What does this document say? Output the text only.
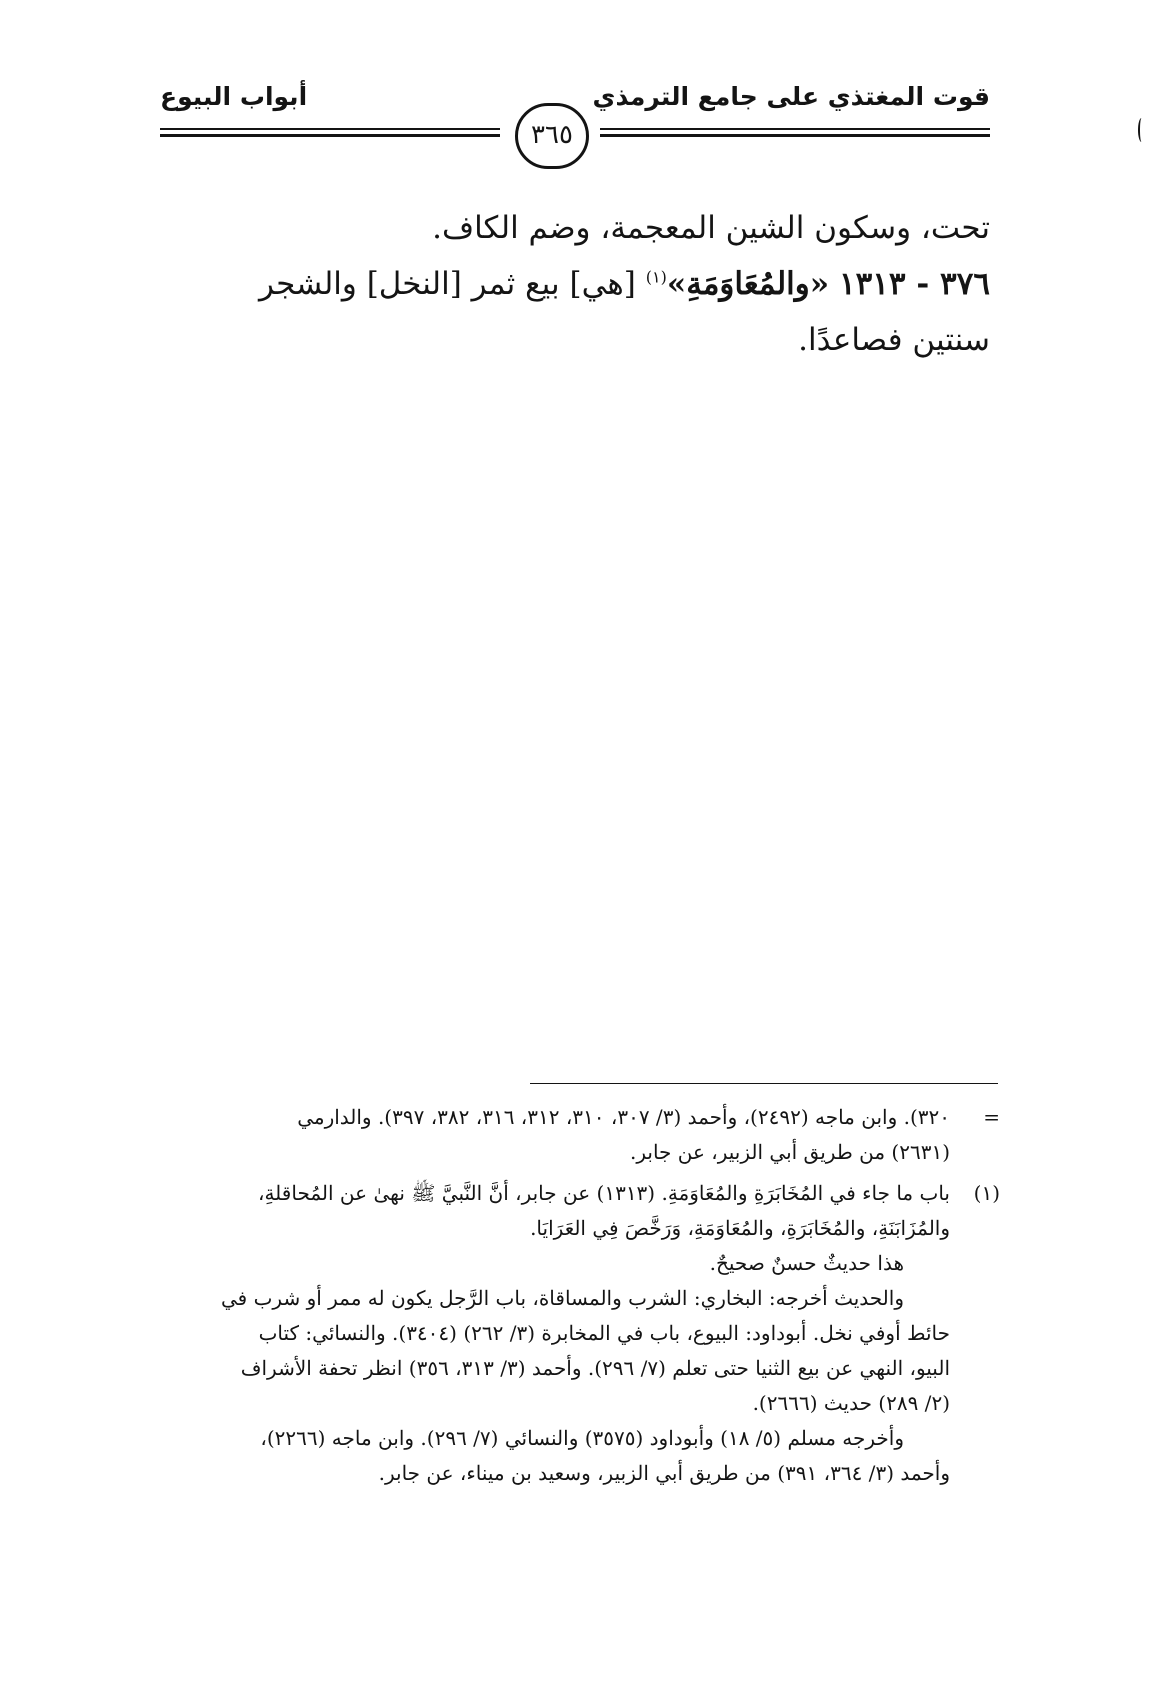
قوت المغتذي على جامع الترمذي
أبواب البيوع
٣٦٥

تحت، وسكون الشين المعجمة، وضم الكاف.

٣٧٦ - ١٣١٣ «والمُعَاوَمَةِ»$^{(١)}$ [هي] بيع ثمر [النخل] والشجر

سنتين فصاعدًا.

=

٣٢٠). وابن ماجه (٢٤٩٢)، وأحمد (٣/ ٣٠٧، ٣١٠، ٣١٢، ٣١٦، ٣٨٢، ٣٩٧). والدارمي

(٢٦٣١) من طريق أبي الزبير، عن جابر.

(١)

باب ما جاء في المُخَابَرَةِ والمُعَاوَمَةِ. (١٣١٣) عن جابر، أنَّ النَّبيَّ ﷺ نهىٰ عن المُحاقلةِ،

والمُزَابَنَةِ، والمُخَابَرَةِ، والمُعَاوَمَةِ، وَرَخَّصَ فِي العَرَايَا.

هذا حديثٌ حسنٌ صحيحٌ.

والحديث أخرجه: البخاري: الشرب والمساقاة، باب الرَّجل يكون له ممر أو شرب في

حائط أوفي نخل. أبوداود: البيوع، باب في المخابرة (٣/ ٢٦٢) (٣٤٠٤). والنسائي: كتاب

البيو، النهي عن بيع الثنيا حتى تعلم (٧/ ٢٩٦). وأحمد (٣/ ٣١٣، ٣٥٦) انظر تحفة الأشراف

(٢/ ٢٨٩) حديث (٢٦٦٦).

وأخرجه مسلم (٥/ ١٨) وأبوداود (٣٥٧٥) والنسائي (٧/ ٢٩٦). وابن ماجه (٢٢٦٦)،

وأحمد (٣/ ٣٦٤، ٣٩١) من طريق أبي الزبير، وسعيد بن ميناء، عن جابر.
